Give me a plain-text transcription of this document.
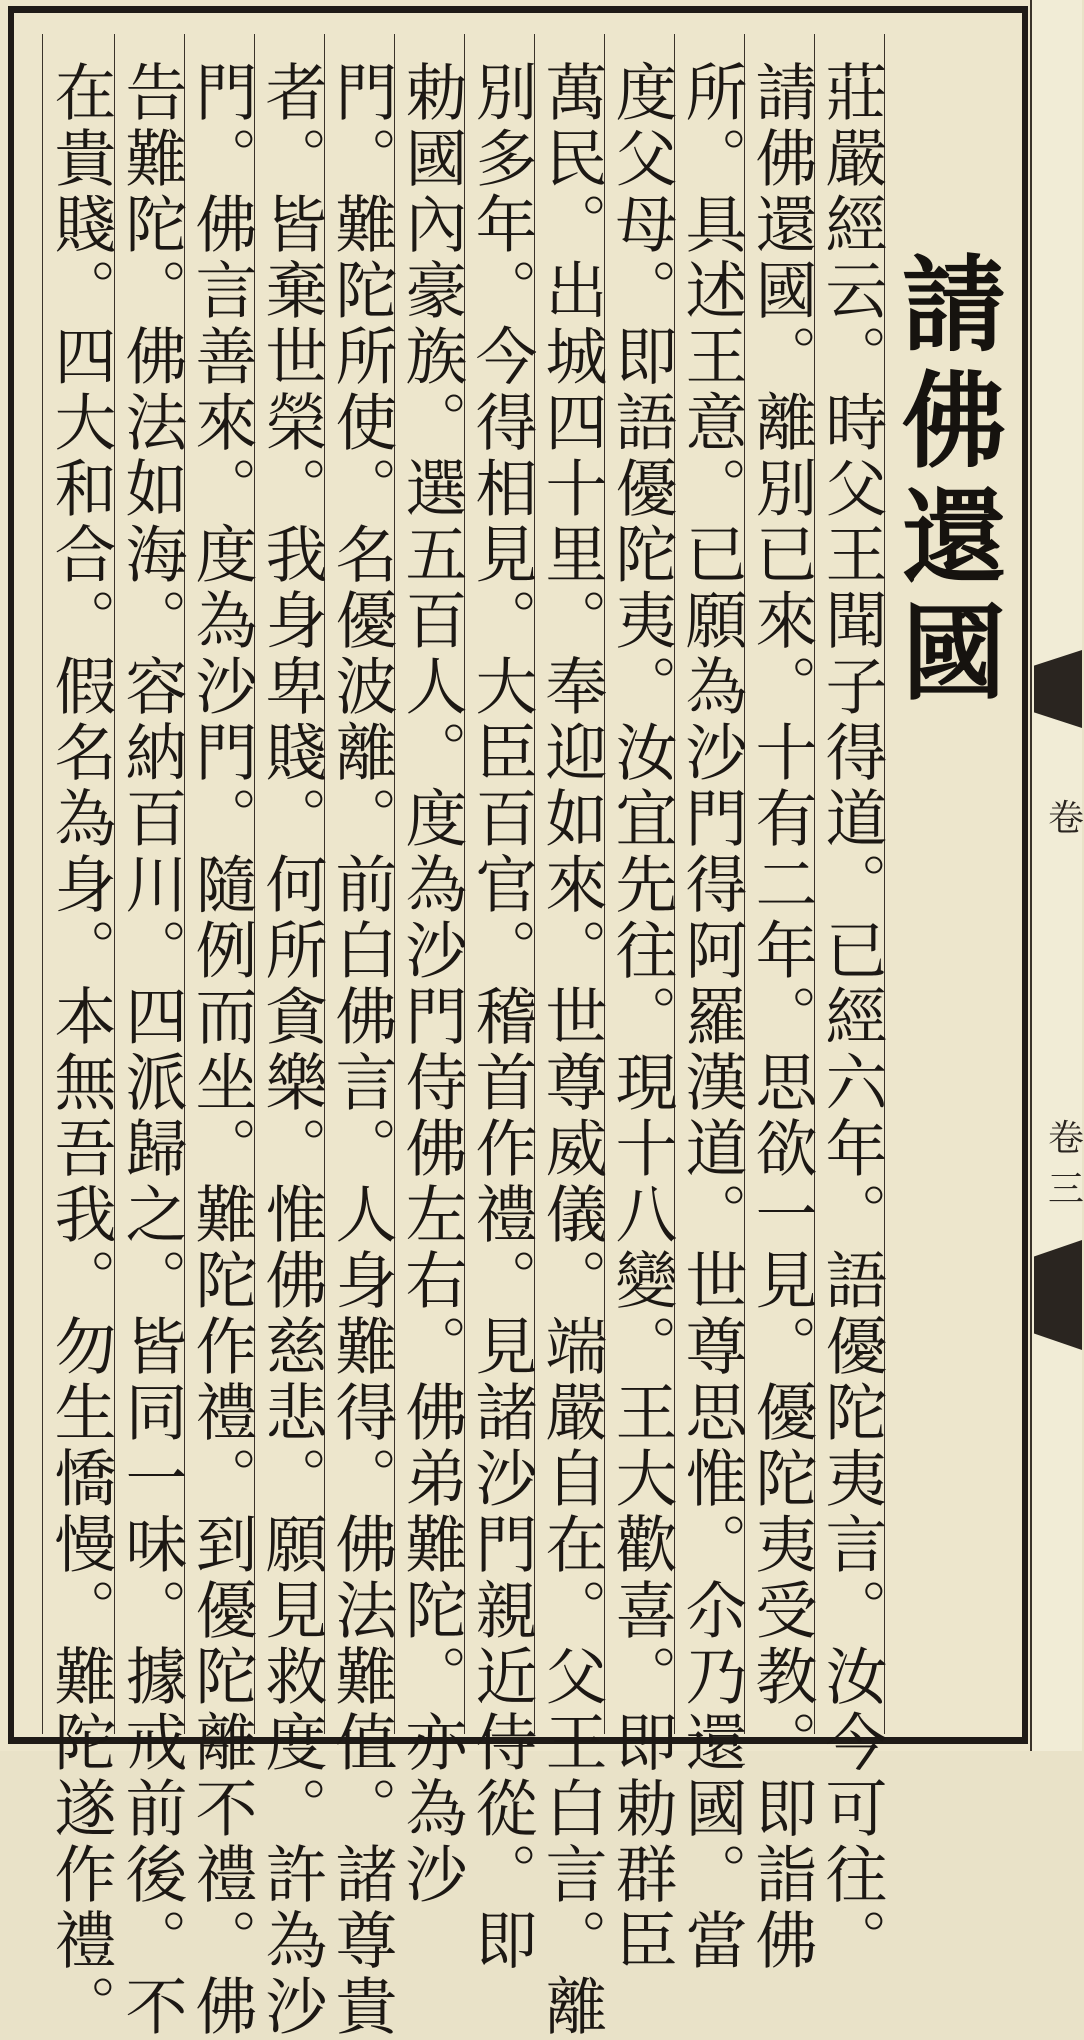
請佛還國
莊嚴經云。時父王聞子得道。已經六年。語優陀夷言。汝今可往。
請佛還國。離別已來。十有二年。思欲一見。優陀夷受教。即詣佛
所。具述王意。已願為沙門得阿羅漢道。世尊思惟。尒乃還國。當
度父母。即語優陀夷。汝宜先往。現十八變。王大歡喜。即勅群臣
萬民。出城四十里。奉迎如來。世尊威儀。端嚴自在。父王白言。離
別多年。今得相見。大臣百官。稽首作禮。見諸沙門親近侍從。即
勅國內豪族。選五百人。度為沙門侍佛左右。佛弟難陀。亦為沙
門。難陀所使。名優波離。前白佛言。人身難得。佛法難值。諸尊貴
者。皆棄世榮。我身卑賤。何所貪樂。惟佛慈悲。願見救度。許為沙
門。佛言善來。度為沙門。隨例而坐。難陀作禮。到優陀離不禮。佛
告難陀。佛法如海。容納百川。四派歸之。皆同一味。據戒前後。不
在貴賤。四大和合。假名為身。本無吾我。勿生憍慢。難陀遂作禮。	卷
卷三
